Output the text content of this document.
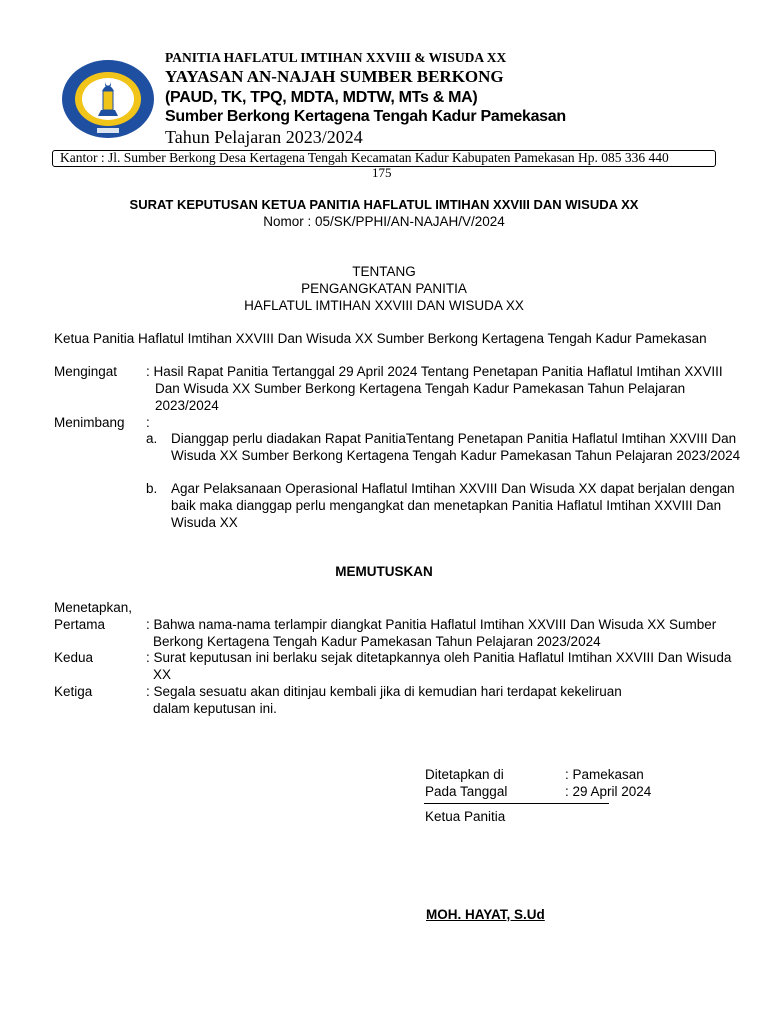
PANITIA HAFLATUL IMTIHAN XXVIII & WISUDA XX
YAYASAN AN-NAJAH SUMBER BERKONG
(PAUD, TK, TPQ, MDTA, MDTW, MTs & MA)
Sumber Berkong Kertagena Tengah Kadur Pamekasan
Tahun Pelajaran 2023/2024
Kantor : Jl. Sumber Berkong Desa Kertagena Tengah Kecamatan Kadur Kabupaten Pamekasan Hp. 085 336 440
175
SURAT KEPUTUSAN KETUA PANITIA HAFLATUL IMTIHAN XXVIII DAN WISUDA XX
Nomor : 05/SK/PPHI/AN-NAJAH/V/2024
TENTANG
PENGANGKATAN PANITIA
HAFLATUL IMTIHAN XXVIII DAN WISUDA XX
Ketua Panitia Haflatul Imtihan XXVIII Dan Wisuda XX Sumber Berkong Kertagena Tengah Kadur Pamekasan
Mengingat : Hasil Rapat Panitia Tertanggal 29 April 2024 Tentang Penetapan Panitia Haflatul Imtihan XXVIII
Dan Wisuda XX Sumber Berkong Kertagena Tengah Kadur Pamekasan Tahun Pelajaran
2023/2024
Menimbang :
a. Dianggap perlu diadakan Rapat PanitiaTentang Penetapan Panitia Haflatul Imtihan XXVIII Dan
Wisuda XX Sumber Berkong Kertagena Tengah Kadur Pamekasan Tahun Pelajaran 2023/2024
b. Agar Pelaksanaan Operasional Haflatul Imtihan XXVIII Dan Wisuda XX dapat berjalan dengan
baik maka dianggap perlu mengangkat dan menetapkan Panitia Haflatul Imtihan XXVIII Dan
Wisuda XX
MEMUTUSKAN
Menetapkan,
Pertama	: Bahwa nama-nama terlampir diangkat Panitia Haflatul Imtihan XXVIII Dan Wisuda XX Sumber
Berkong Kertagena Tengah Kadur Pamekasan Tahun Pelajaran 2023/2024
Kedua	: Surat keputusan ini berlaku sejak ditetapkannya oleh Panitia Haflatul Imtihan XXVIII Dan Wisuda
XX
Ketiga	: Segala sesuatu akan ditinjau kembali jika di kemudian hari terdapat kekeliruan
dalam keputusan ini.
Ditetapkan di	: Pamekasan
Pada Tanggal	: 29 April 2024
Ketua Panitia
MOH. HAYAT, S.Ud
